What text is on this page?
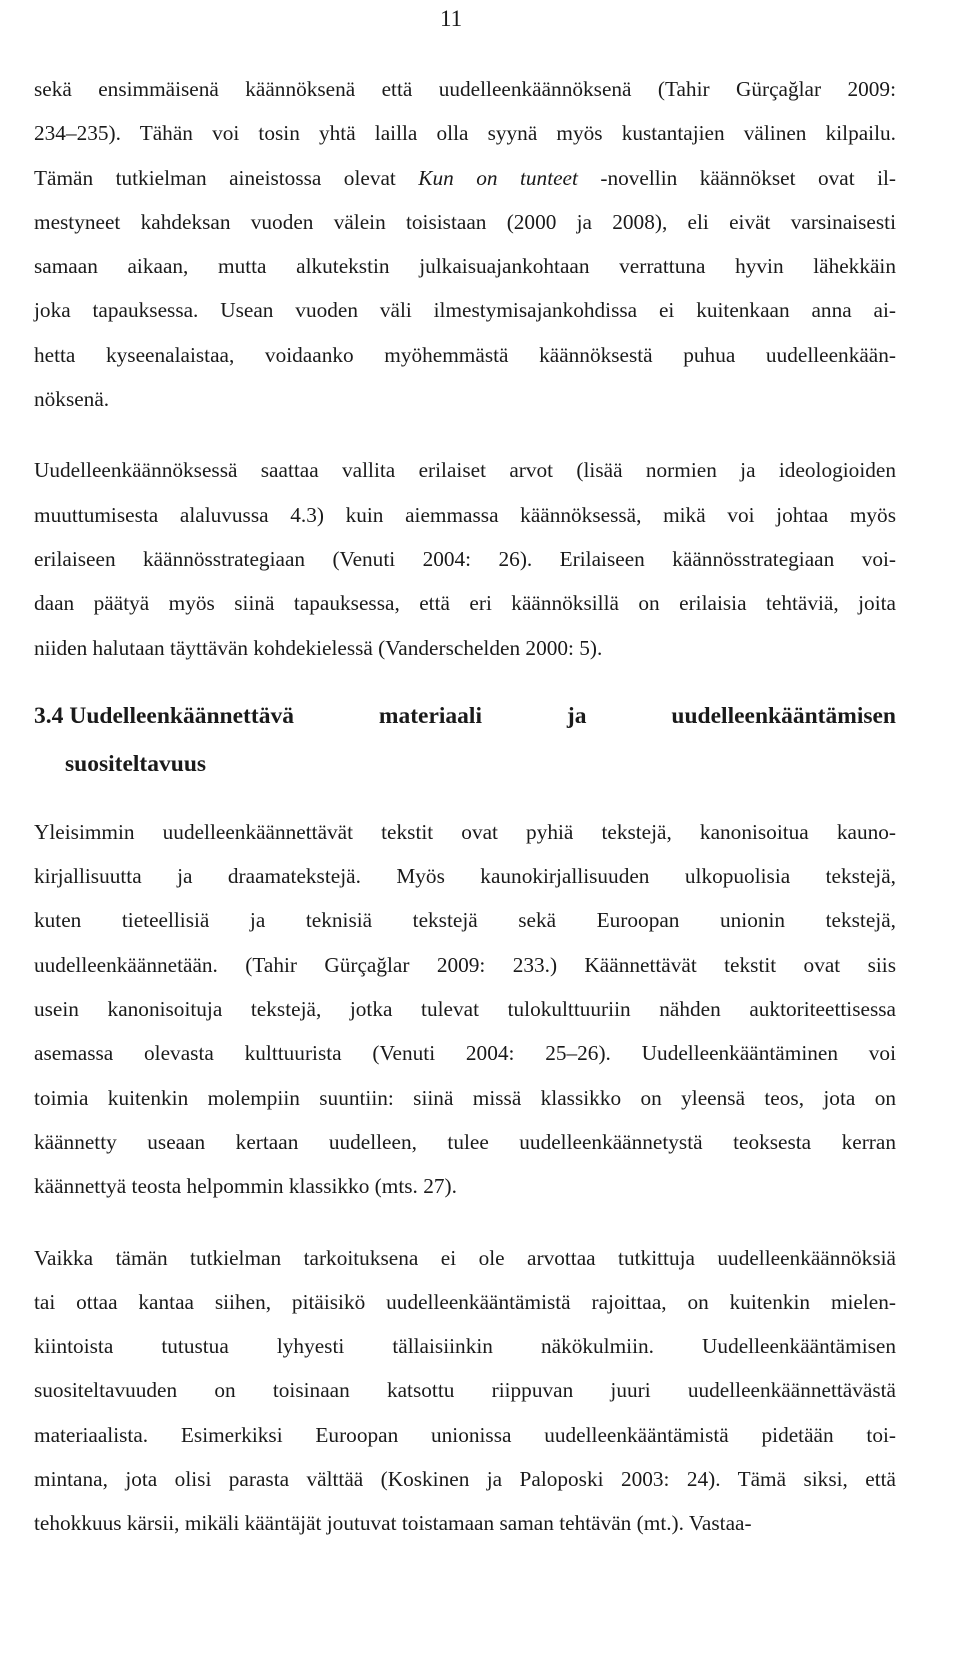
11
sekä ensimmäisenä käännöksenä että uudelleenkäännöksenä (Tahir Gürçağlar 2009:
234–235). Tähän voi tosin yhtä lailla olla syynä myös kustantajien välinen kilpailu.
Tämän tutkielman aineistossa olevat Kun on tunteet -novellin käännökset ovat il-
mestyneet kahdeksan vuoden välein toisistaan (2000 ja 2008), eli eivät varsinaisesti
samaan aikaan, mutta alkutekstin julkaisuajankohtaan verrattuna hyvin lähekkäin
joka tapauksessa. Usean vuoden väli ilmestymisajankohdissa ei kuitenkaan anna ai-
hetta kyseenalaistaa, voidaanko myöhemmästä käännöksestä puhua uudelleenkään-
nöksenä.
Uudelleenkäännöksessä saattaa vallita erilaiset arvot (lisää normien ja ideologioiden
muuttumisesta alaluvussa 4.3) kuin aiemmassa käännöksessä, mikä voi johtaa myös
erilaiseen käännösstrategiaan (Venuti 2004: 26). Erilaiseen käännösstrategiaan voi-
daan päätyä myös siinä tapauksessa, että eri käännöksillä on erilaisia tehtäviä, joita
niiden halutaan täyttävän kohdekielessä (Vanderschelden 2000: 5).
3.4 Uudelleenkäännettävä	materiaali	ja	uudelleenkääntämisen
suositeltavuus
Yleisimmin uudelleenkäännettävät tekstit ovat pyhiä tekstejä, kanonisoitua kauno-
kirjallisuutta ja draamatekstejä. Myös kaunokirjallisuuden ulkopuolisia tekstejä,
kuten tieteellisiä ja teknisiä tekstejä sekä Euroopan unionin tekstejä,
uudelleenkäännetään. (Tahir Gürçağlar 2009: 233.) Käännettävät tekstit ovat siis
usein kanonisoituja tekstejä, jotka tulevat tulokulttuuriin nähden auktoriteettisessa
asemassa olevasta kulttuurista (Venuti 2004: 25–26). Uudelleenkääntäminen voi
toimia kuitenkin molempiin suuntiin: siinä missä klassikko on yleensä teos, jota on
käännetty useaan kertaan uudelleen, tulee uudelleenkäännetystä teoksesta kerran
käännettyä teosta helpommin klassikko (mts. 27).
Vaikka tämän tutkielman tarkoituksena ei ole arvottaa tutkittuja uudelleenkäännöksiä
tai ottaa kantaa siihen, pitäisikö uudelleenkääntämistä rajoittaa, on kuitenkin mielen-
kiintoista tutustua lyhyesti tällaisiinkin näkökulmiin. Uudelleenkääntämisen
suositeltavuuden on toisinaan katsottu riippuvan juuri uudelleenkäännettävästä
materiaalista. Esimerkiksi Euroopan unionissa uudelleenkääntämistä pidetään toi-
mintana, jota olisi parasta välttää (Koskinen ja Paloposki 2003: 24). Tämä siksi, että
tehokkuus kärsii, mikäli kääntäjät joutuvat toistamaan saman tehtävän (mt.). Vastaa-
